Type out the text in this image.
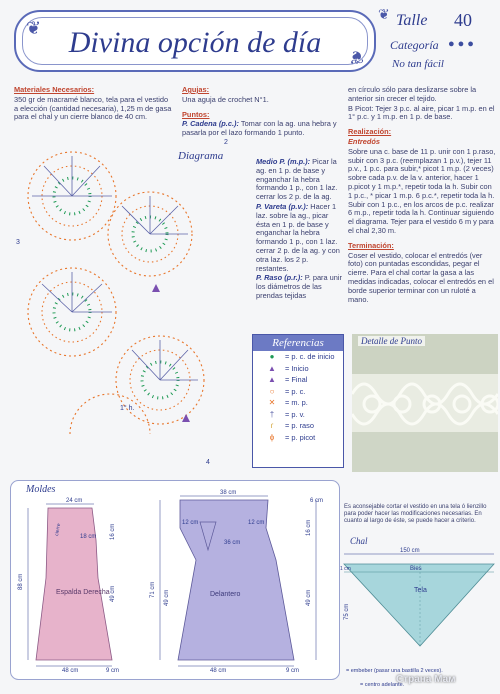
❦
❦
Divina opción de día
❦ Talle 40
Categoría ●●●
No tan fácil

Materiales Necesarios:

350 gr de macramé blanco, tela para el vestido a elección (cantidad necesaria), 1,25 m de gasa para el chal y un cierre blanco de 40 cm.

Agujas:

Una aguja de crochet N°1.

Puntos:

P. Cadena (p.c.): Tomar con la ag. una hebra y pasarla por el lazo formando 1 punto.

Medio P. (m.p.): Picar la ag. en 1 p. de base y enganchar la hebra formando 1 p., con 1 laz. cerrar los 2 p. de la ag.

P. Vareta (p.v.): Hacer 1 laz. sobre la ag., picar ésta en 1 p. de base y enganchar la hebra formando 1 p., con 1 laz. cerrar 2 p. de la ag. y con otra laz. los 2 p. restantes.

P. Raso (p.r.): P. para unir los diámetros de las prendas tejidas

en círculo sólo para deslizarse sobre la anterior sin crecer el tejido.

B Picot: Tejer 3 p.c. al aire, picar 1 m.p. en el 1° p.c. y 1 m.p. en 1 p. de base.

Realización:

Entredós

Sobre una c. base de 11 p. unir con 1 p.raso, subir con 3 p.c. (reemplazan 1 p.v.), tejer 11 p.v., 1 p.c. para subir,* picot 1 m.p. (2 veces) sobre cada p.v. de la v. anterior, hacer 1 p.picot y 1 m.p.*, repetir toda la h. Subir con 1 p.c., * picar 1 m.p. 6 p.c.*, repetir toda la h. Subir con 1 p.c., en los arcos de p.c. realizar 6 m.p., repetir toda la h. Continuar siguiendo el diagrama. Tejer para el vestido 6 m y para el chal 2,30 m.

Terminación:

Coser el vestido, colocar el entredós (ver foto) con puntadas escondidas, pegar el cierre. Para el chal cortar la gasa a las medidas indicadas, colocar el entredós en el borde superior terminar con un ruloté a mano.

1° h.
2
3
4
Diagrama
Referencias
●	= p. c. de inicio
▲	= Inicio
▲	= Final
○	= p. c.
✕	= m. p.
†	= p. v.
ɾ	= p. raso
ϕ	= p. picot
Detalle de Punto
Espalda Derecha
24 cm
18 cm
88 cm
49 cm
16 cm
48 cm	9 cm
cierre
Delantero
38 cm
12 cm	12 cm
36 cm
71 cm 49 cm
16 cm
49 cm
48 cm	9 cm
6 cm
Moldes
Es aconsejable cortar el vestido en una tela ó lienzillo para poder hacer las modificaciones necesarias. En cuanto al largo de éste, se puede hacer a criterio.
150 cm
Bies
Tela
75 cm
1 cm
= embeber (pasar una bastilla 2 veces).
= centro adelante.
Chal
Страна Мам
